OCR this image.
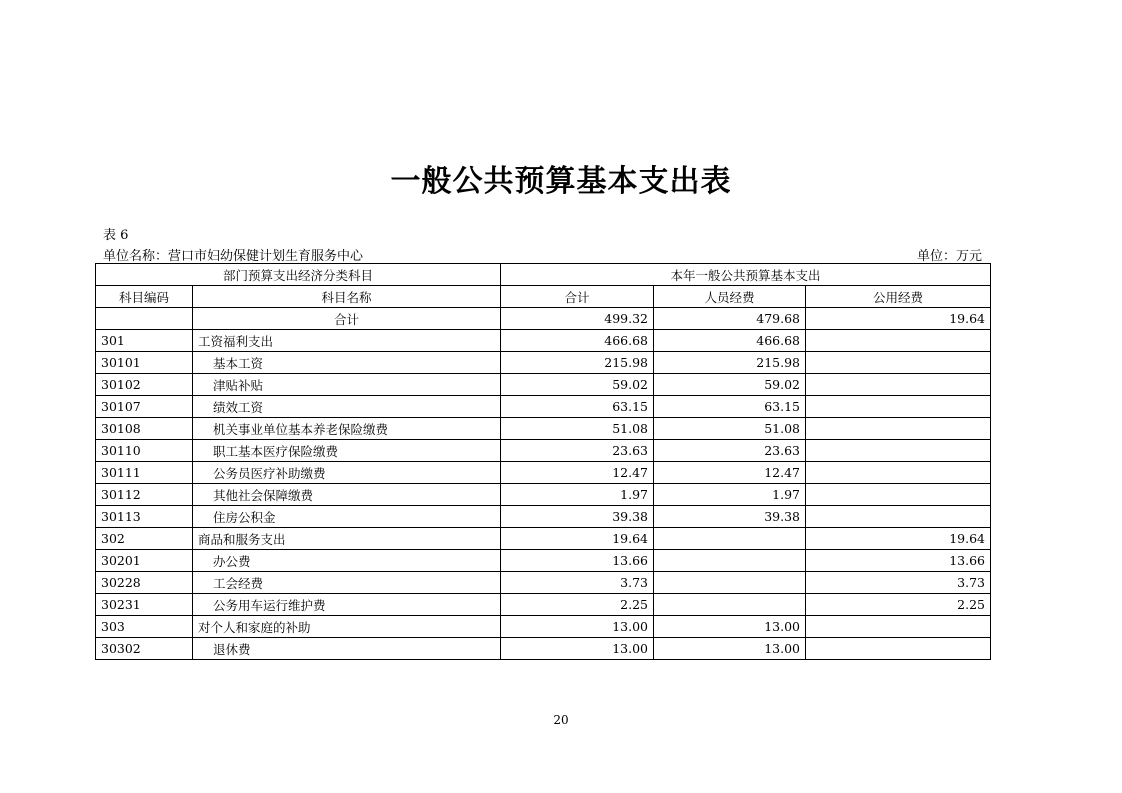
一般公共预算基本支出表
表 6
单位名称：营口市妇幼保健计划生育服务中心	单位：万元
部门预算支出经济分类科目		本年一般公共预算基本支出		
科目编码	科目名称	合计	人员经费	公用经费
	合计	499.32	479.68	19.64
301	工资福利支出	466.68	466.68	
30101	基本工资	215.98	215.98	
30102	津贴补贴	59.02	59.02	
30107	绩效工资	63.15	63.15	
30108	机关事业单位基本养老保险缴费	51.08	51.08	
30110	职工基本医疗保险缴费	23.63	23.63	
30111	公务员医疗补助缴费	12.47	12.47	
30112	其他社会保障缴费	1.97	1.97	
30113	住房公积金	39.38	39.38	
302	商品和服务支出	19.64		19.64
30201	办公费	13.66		13.66
30228	工会经费	3.73		3.73
30231	公务用车运行维护费	2.25		2.25
303	对个人和家庭的补助	13.00	13.00	
30302	退休费	13.00	13.00	
20
